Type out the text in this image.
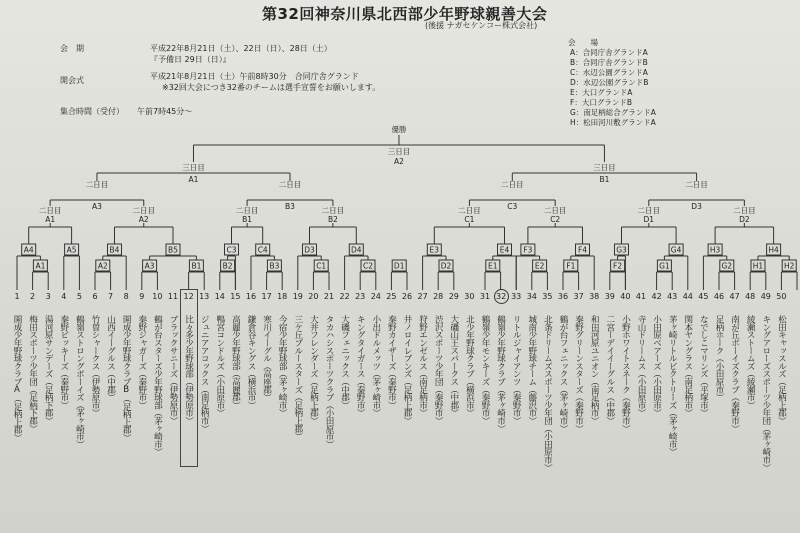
第32回神奈川県北西部少年野球親善大会
(後援 ナガセケンコー株式会社)
会　期	平成22年8月21日（土）、22日（日）、28日（土）
『予備日 29日（日）』
開会式	平成21年8月21日（土）午前8時30分　合同庁舎グランド
※32回大会につき32番のチームは選手宣誓をお願いします。
集合時間（受付） 午前7時45分～
会　　場
A：合同庁舎グランドA
B：合同庁舎グランドB
C：水辺公園グランドA
D：水辺公園グランドB
E：大口グランドA
F：大口グランドB
G：南足柄総合グランドA
H：松田河川敷グランドA
A1	A2	A3	B1	B2	B3	C1	C2	D1	D2	E1	E2	F1	F2	G1	G2	H1	H2
A4	A5	B4	B5	C3	C4	D3	D4	E3	E4 F3	F4	G3	G4	H3	H4
二日目
A1
二日目
A2
二日目
B1
二日目
B2
二日目
C1
二日目
C2
二日目
D1
二日目
D2
二日目
A3
二日目
B3
二日目
C3
二日目
D3
三日目
A1
三日目
B1
優勝
三日目
A2
1
開成少年野球クラブA（足柄上郡）
2
梅田スポーツ少年団（足柄下郡）
3
湯河原サンデーズ（足柄下郡）
4
秦野ビッキーズ（秦野市）
5
鶴嶺ストロングボーイズ（茅ヶ崎市）
6
竹曽シャークス（伊勢原市）
7
山西イーグルス（中郡）
8
開成少年野球クラブB（足柄上郡）
9
秦野ジャガーズ（秦野市）
10
鶴が台スターズ少年野球部（茅ヶ崎市）
11
ブラックサニーズ（伊勢原市）
12
比々多少年野球部（伊勢原市）
13
ジュニアアコックス（南足柄市）
14
鴨宮コンドルズ（小田原市）
15
高麗少年野球部（高麗郡）
16
鎌倉谷キングス（横浜市）
17
寒川イーグル（高座郡）
18
今宿少年野球部（茅ヶ崎市）
19
三ケ丘ブルースターズ（足柄上郡）
20
大井フレンダーズ（足柄上郡）
21
タカハシスポーツクラブ（小田原市）
22
大磯フェニックス（中郡）
23
キングタイガース（秦野市）
24
小出ドルメッツ（茅ヶ崎市）
25
秦野カイザーズ（秦野市）
26
井ノロイレブンズ（足柄上郡）
27
狩野エンゼルス（南足柄市）
28
渋沢スポーツ少年団（秦野市）
29
大磯山王スパークス（中郡）
30
北少年野球クラブ（横浜市）
31
鶴嶺少年モンキーズ（秦野市）
32
鶴嶺少年野球クラブ（茅ヶ崎市）
33
リトルジャイアンツ（秦野市）
34
城南少年野球チーム（藤沢市）
35
北条ドリームズスポーツ少年団（小田原市）
36
鶴が台フェニックス（茅ヶ崎市）
37
秦野グリーンスターズ（秦野市）
38
和田河原ユニオン（南足柄市）
39
二宮ーデイイーグルス（中郡）
40
小野ホワイトスネーク（秦野市）
41
寺山ドリームス（小田原市）
42
小田原ベアーズ（小田原市）
43
茅ヶ崎リトルビクトリーズ（茅ヶ崎市）
44
関本ヤングラス（南足柄市）
45
なでしこマリンズ（平塚市）
46
足柄ホーク（小田原市）
47
南が丘ボーイズクラブ（秦野市）
48
綾瀬ストームズ（綾瀬市）
49
キングアローズスポーツ少年団（茅ヶ崎市）
50
松田キャッスルズ（足柄上郡）
